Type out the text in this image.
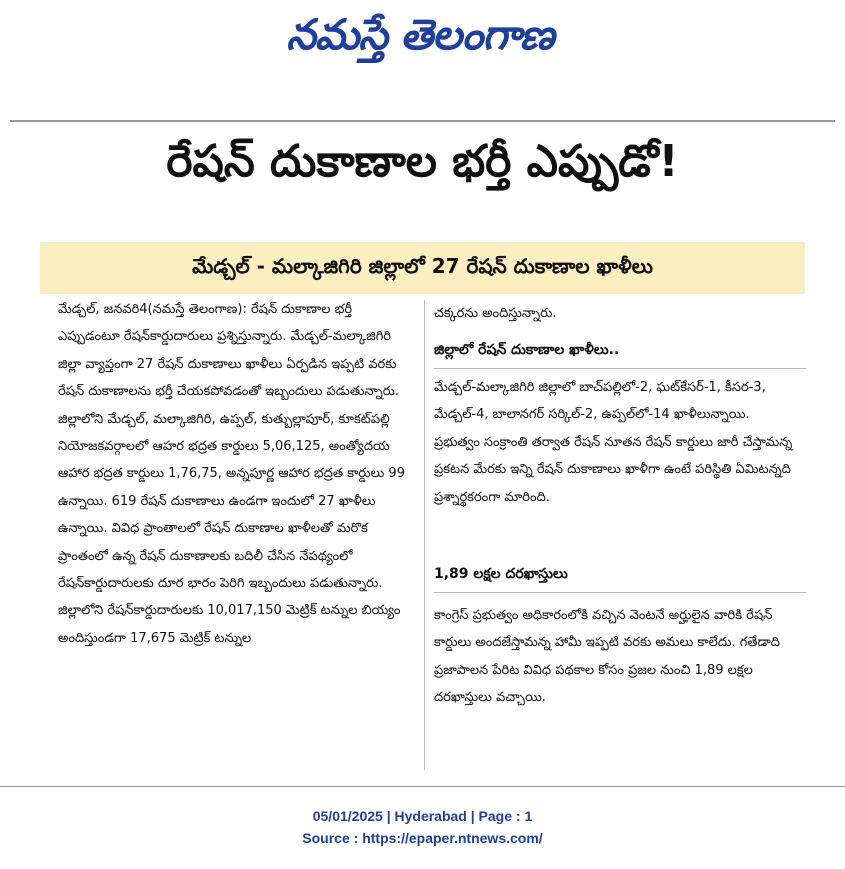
నమస్తే తెలంగాణ
రేషన్ దుకాణాల భర్తీ ఎప్పుడో!
మేడ్చల్ - మల్కాజిగిరి జిల్లాలో 27 రేషన్ దుకాణాల ఖాళీలు

మేడ్చల్, జనవరి4(నమస్తే తెలంగాణ): రేషన్ దుకాణాల భర్తీ ఎప్పుడంటూ రేషన్‌కార్డుదారులు ప్రశ్నిస్తున్నారు. మేడ్చల్-మల్కాజిగిరి జిల్లా వ్యాప్తంగా 27 రేషన్ దుకాణాలు ఖాళీలు ఏర్పడిన ఇప్పటి వరకు రేషన్ దుకాణాలను భర్తీ చేయకపోవడంతో ఇబ్బందులు పడుతున్నారు. జిల్లాలోని మేడ్చల్, మల్కాజిగిరి, ఉప్పల్, కుత్బుల్లాపూర్, కూకట్‌పల్లి నియోజకవర్గాలలో ఆహర భద్రత కార్డులు 5,06,125, అంత్యోదయ ఆహార భద్రత కార్డులు 1,76,75, అన్నపూర్ణ ఆహార భద్రత కార్డులు 99 ఉన్నాయి. 619 రేషన్ దుకాణాలు ఉండగా ఇందులో 27 ఖాళీలు ఉన్నాయి. వివిధ ప్రాంతాలలో రేషన్ దుకాణాల ఖాళీలతో మరొక ప్రాంతంలో ఉన్న రేషన్ దుకాణాలకు బదిలీ చేసిన నేపథ్యంలో రేషన్‌కార్డుదారులకు దూర భారం పెరిగి ఇబ్బందులు పడుతున్నారు. జిల్లాలోని రేషన్‌కార్డుదారులకు 10,017,150 మెట్రిక్ టన్నుల బియ్యం అందిస్తుండగా 17,675 మెట్రిక్ టన్నుల

చక్కరను అందిస్తున్నారు.

జిల్లాలో రేషన్ దుకాణాల ఖాళీలు..

మేడ్చల్-మల్కాజిగిరి జిల్లాలో బాచ్‌పల్లిలో-2, ఘట్‌కేసర్-1, కీసర-3, మేడ్చల్-4, బాలానగర్ సర్కిల్-2, ఉప్పల్‌లో-14 ఖాళీలున్నాయి. ప్రభుత్వం సంక్రాంతి తర్వాత రేషన్ నూతన రేషన్ కార్డులు జారీ చేస్తామన్న ప్రకటన మేరకు ఇన్ని రేషన్ దుకాణాలు ఖాళీగా ఉంటే పరిస్థితి ఏమిటన్నది ప్రశ్నార్థకరంగా మారింది.

1,89 లక్షల దరఖాస్తులు

కాంగ్రెస్ ప్రభుత్వం అధికారంలోకి వచ్చిన వెంటనే అర్హులైన వారికి రేషన్ కార్డులు అందజేస్తామన్న హామీ ఇప్పటి వరకు అమలు కాలేదు. గతేడాది ప్రజాపాలన పేరిట వివిధ పథకాల కోసం ప్రజల నుంచి 1,89 లక్షల దరఖాస్తులు వచ్చాయి.

05/01/2025 | Hyderabad | Page : 1
Source : https://epaper.ntnews.com/
